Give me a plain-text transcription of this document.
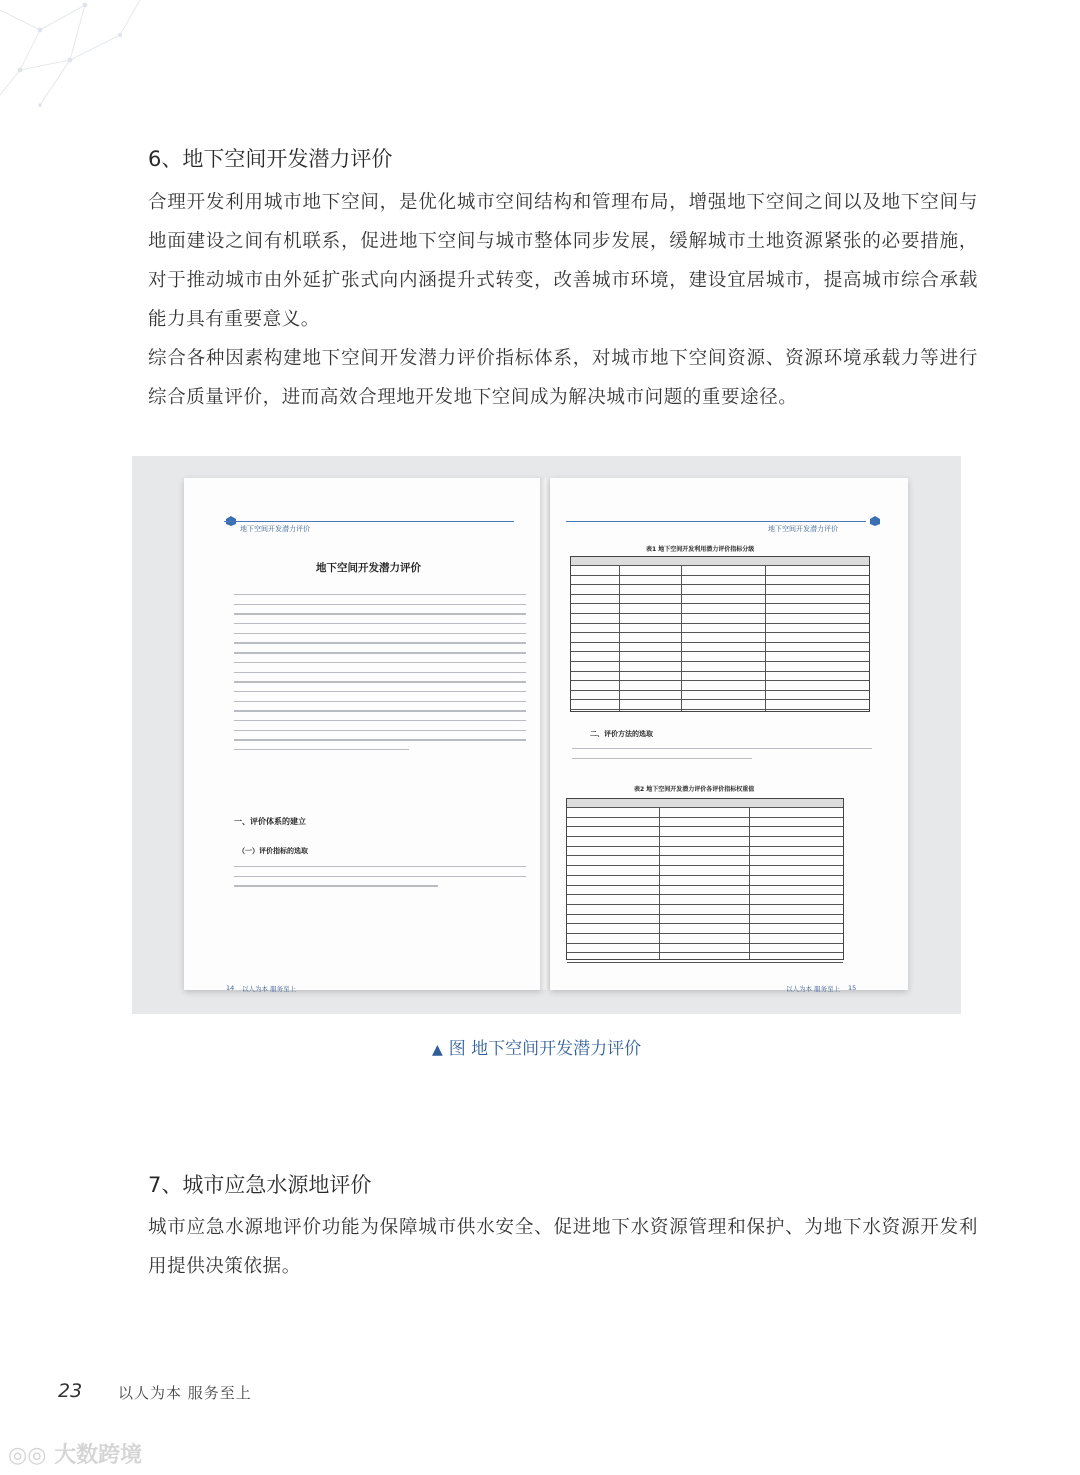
6、地下空间开发潜力评价

合理开发利用城市地下空间，是优化城市空间结构和管理布局，增强地下空间之间以及地下空间与地面建设之间有机联系，促进地下空间与城市整体同步发展，缓解城市土地资源紧张的必要措施，对于推动城市由外延扩张式向内涵提升式转变，改善城市环境，建设宜居城市，提高城市综合承载能力具有重要意义。

综合各种因素构建地下空间开发潜力评价指标体系，对城市地下空间资源、资源环境承载力等进行综合质量评价，进而高效合理地开发地下空间成为解决城市问题的重要途径。

地下空间开发潜力评价
地下空间开发潜力评价
一、评价体系的建立
（一）评价指标的选取
14 以人为本 服务至上
地下空间开发潜力评价
表1 地下空间开发利用潜力评价指标分级
二、评价方法的选取
表2 地下空间开发潜力评价各评价指标权重值
以人为本 服务至上 15

▲ 图 地下空间开发潜力评价

7、城市应急水源地评价

城市应急水源地评价功能为保障城市供水安全、促进地下水资源管理和保护、为地下水资源开发利用提供决策依据。

23 以人为本 服务至上
◎◎ 大数跨境
